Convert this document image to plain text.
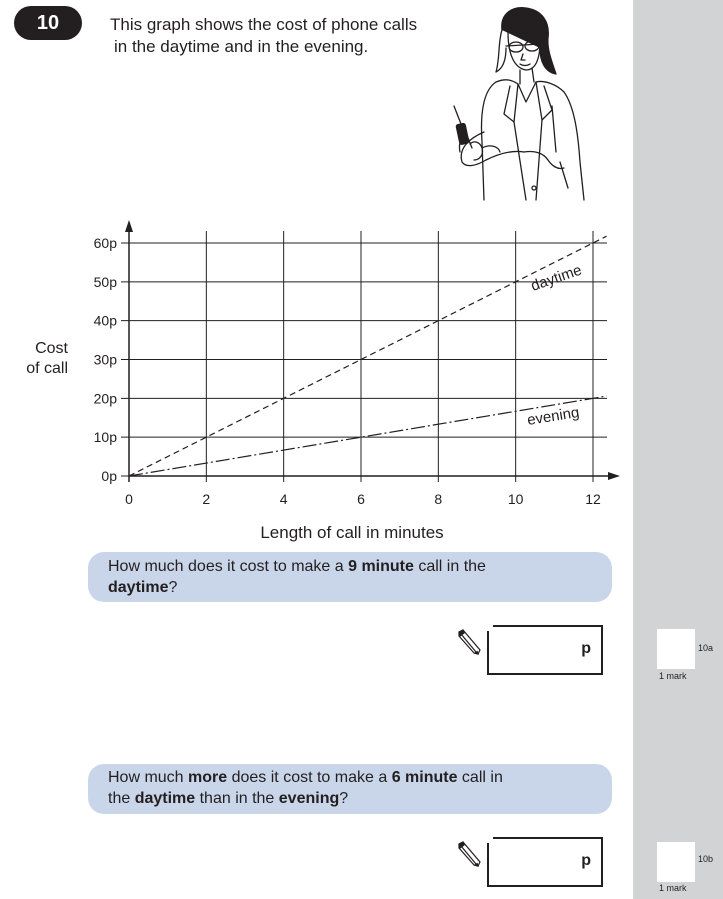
10	This graph shows the cost of phone calls
in the daytime and in the evening.
0	2	4	6	8	10	12
0p
10p
20p
30p
40p
50p
60p
daytime
evening
Length of call in minutes
Cost
of call
How much does it cost to make a 9 minute call in the
daytime?
p	10a
1 mark
How much more does it cost to make a 6 minute call in
the daytime than in the evening?
p	10b
1 mark
